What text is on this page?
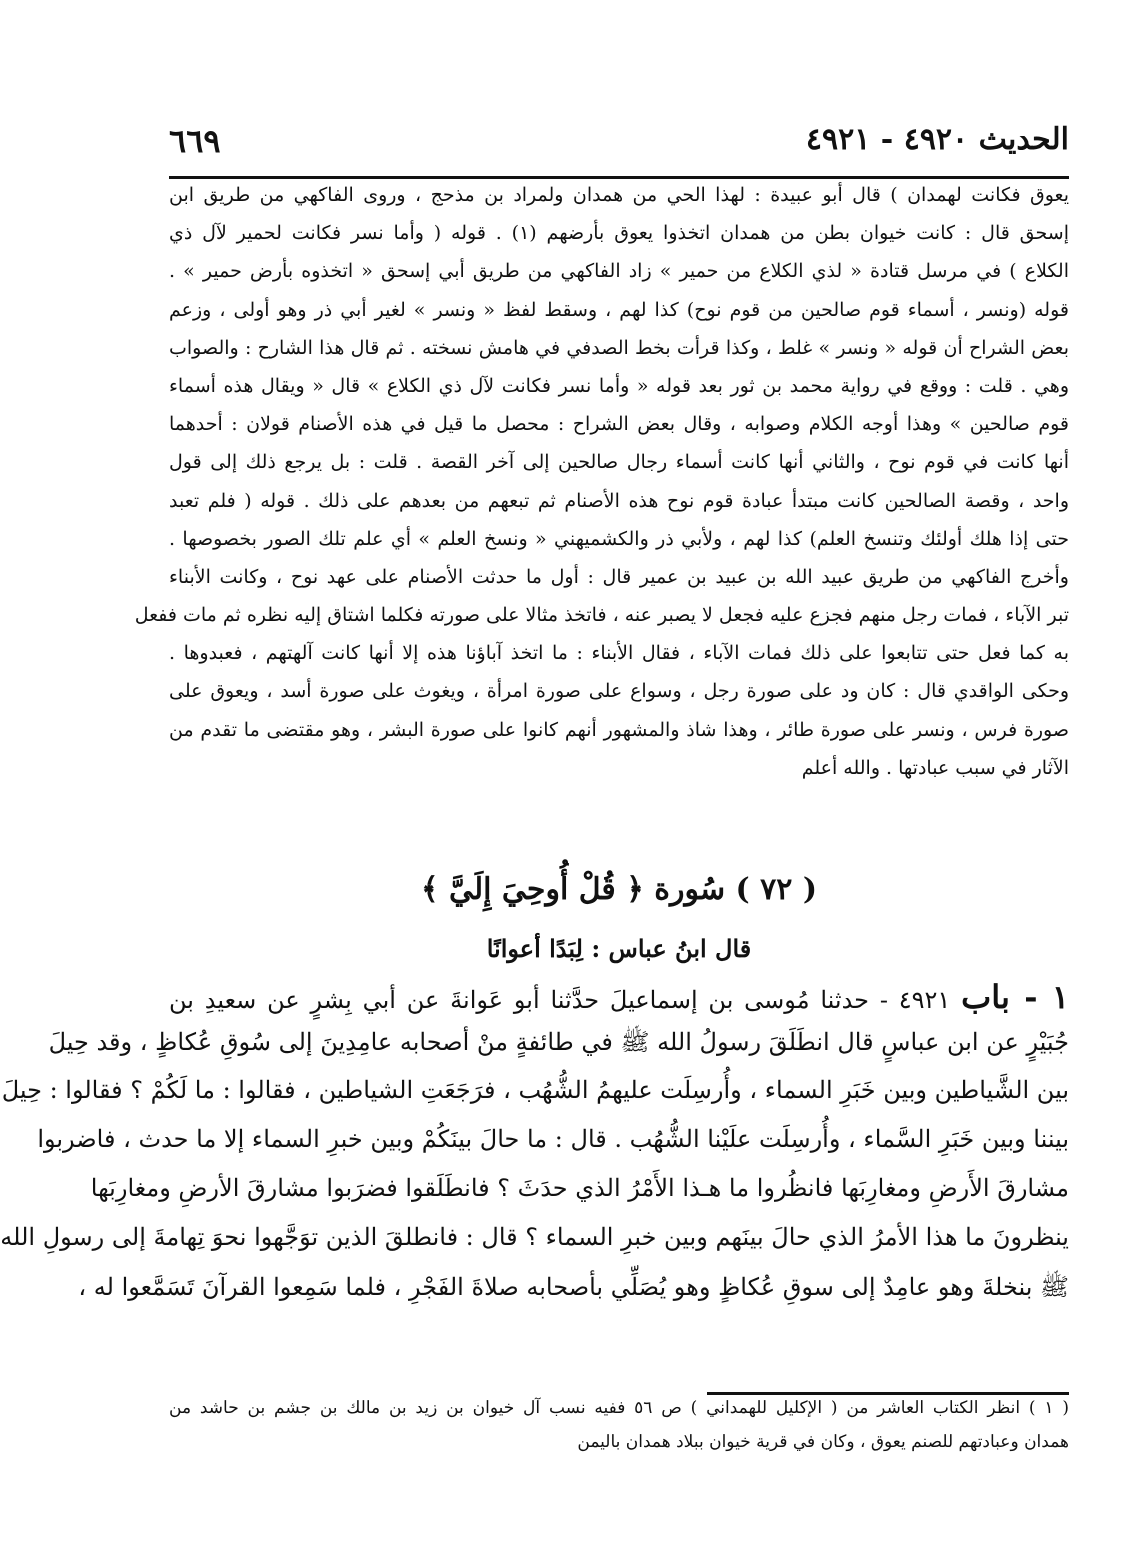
الحديث ٤٩٢٠ - ٤٩٢١
٦٦٩
يعوق فكانت لهمدان ) قال أبو عبيدة : لهذا الحي من همدان ولمراد بن مذحج ، وروى الفاكهي من طريق ابن
إسحق قال : كانت خيوان بطن من همدان اتخذوا يعوق بأرضهم (١) . قوله ( وأما نسر فكانت لحمير لآل ذي
الكلاع ) في مرسل قتادة « لذي الكلاع من حمير » زاد الفاكهي من طريق أبي إسحق « اتخذوه بأرض حمير » .
قوله (ونسر ، أسماء قوم صالحين من قوم نوح) كذا لهم ، وسقط لفظ « ونسر » لغير أبي ذر وهو أولى ، وزعم
بعض الشراح أن قوله « ونسر » غلط ، وكذا قرأت بخط الصدفي في هامش نسخته . ثم قال هذا الشارح : والصواب
وهي . قلت : ووقع في رواية محمد بن ثور بعد قوله « وأما نسر فكانت لآل ذي الكلاع » قال « ويقال هذه أسماء
قوم صالحين » وهذا أوجه الكلام وصوابه ، وقال بعض الشراح : محصل ما قيل في هذه الأصنام قولان : أحدهما
أنها كانت في قوم نوح ، والثاني أنها كانت أسماء رجال صالحين إلى آخر القصة . قلت : بل يرجع ذلك إلى قول
واحد ، وقصة الصالحين كانت مبتدأ عبادة قوم نوح هذه الأصنام ثم تبعهم من بعدهم على ذلك . قوله ( فلم تعبد
حتى إذا هلك أولئك وتنسخ العلم) كذا لهم ، ولأبي ذر والكشميهني « ونسخ العلم » أي علم تلك الصور بخصوصها .
وأخرج الفاكهي من طريق عبيد الله بن عبيد بن عمير قال : أول ما حدثت الأصنام على عهد نوح ، وكانت الأبناء
تبر الآباء ، فمات رجل منهم فجزع عليه فجعل لا يصبر عنه ، فاتخذ مثالا على صورته فكلما اشتاق إليه نظره ثم مات ففعل
به كما فعل حتى تتابعوا على ذلك فمات الآباء ، فقال الأبناء : ما اتخذ آباؤنا هذه إلا أنها كانت آلهتهم ، فعبدوها .
وحكى الواقدي قال : كان ود على صورة رجل ، وسواع على صورة امرأة ، ويغوث على صورة أسد ، ويعوق على
صورة فرس ، ونسر على صورة طائر ، وهذا شاذ والمشهور أنهم كانوا على صورة البشر ، وهو مقتضى ما تقدم من
الآثار في سبب عبادتها . والله أعلم
( ٧٢ ) سُورة ﴿ قُلْ أُوحِيَ إِلَيَّ ﴾
قال ابنُ عباس : لِبَدًا أعوانًا
١ - باب ٤٩٢١ - حدثنا مُوسى بن إسماعيلَ حدَّثنا أبو عَوانةَ عن أبي بِشرٍ عن سعيدِ بن
جُبَيْرٍ عن ابن عباسٍ قال انطَلَقَ رسولُ الله ﷺ في طائفةٍ منْ أصحابه عامِدِينَ إلى سُوقِ عُكاظٍ ، وقد حِيلَ
بين الشَّياطين وبين خَبَرِ السماء ، وأُرسِلَت عليهمُ الشُّهُب ، فرَجَعَتِ الشياطين ، فقالوا : ما لَكُمْ ؟ فقالوا : حِيلَ
بيننا وبين خَبَرِ السَّماء ، وأُرسِلَت علَيْنا الشُّهُب . قال : ما حالَ بينَكُمْ وبين خبرِ السماء إلا ما حدث ، فاضربوا
مشارقَ الأَرضِ ومغارِبَها فانظُروا ما هـذا الأَمْرُ الذي حدَثَ ؟ فانطَلَقوا فضرَبوا مشارقَ الأرضِ ومغارِبَها
ينظرونَ ما هذا الأمرُ الذي حالَ بينَهم وبين خبرِ السماء ؟ قال : فانطلقَ الذين توَجَّهوا نحوَ تِهامةَ إلى رسولِ الله
ﷺ بنخلةَ وهو عامِدٌ إلى سوقِ عُكاظٍ وهو يُصَلِّي بأصحابه صلاةَ الفَجْرِ ، فلما سَمِعوا القرآنَ تَسَمَّعوا له ،
( ١ ) انظر الكتاب العاشر من ( الإكليل للهمداني ) ص ٥٦ ففيه نسب آل خيوان بن زيد بن مالك بن جشم بن حاشد من
همدان وعبادتهم للصنم يعوق ، وكان في قرية خيوان ببلاد همدان باليمن
